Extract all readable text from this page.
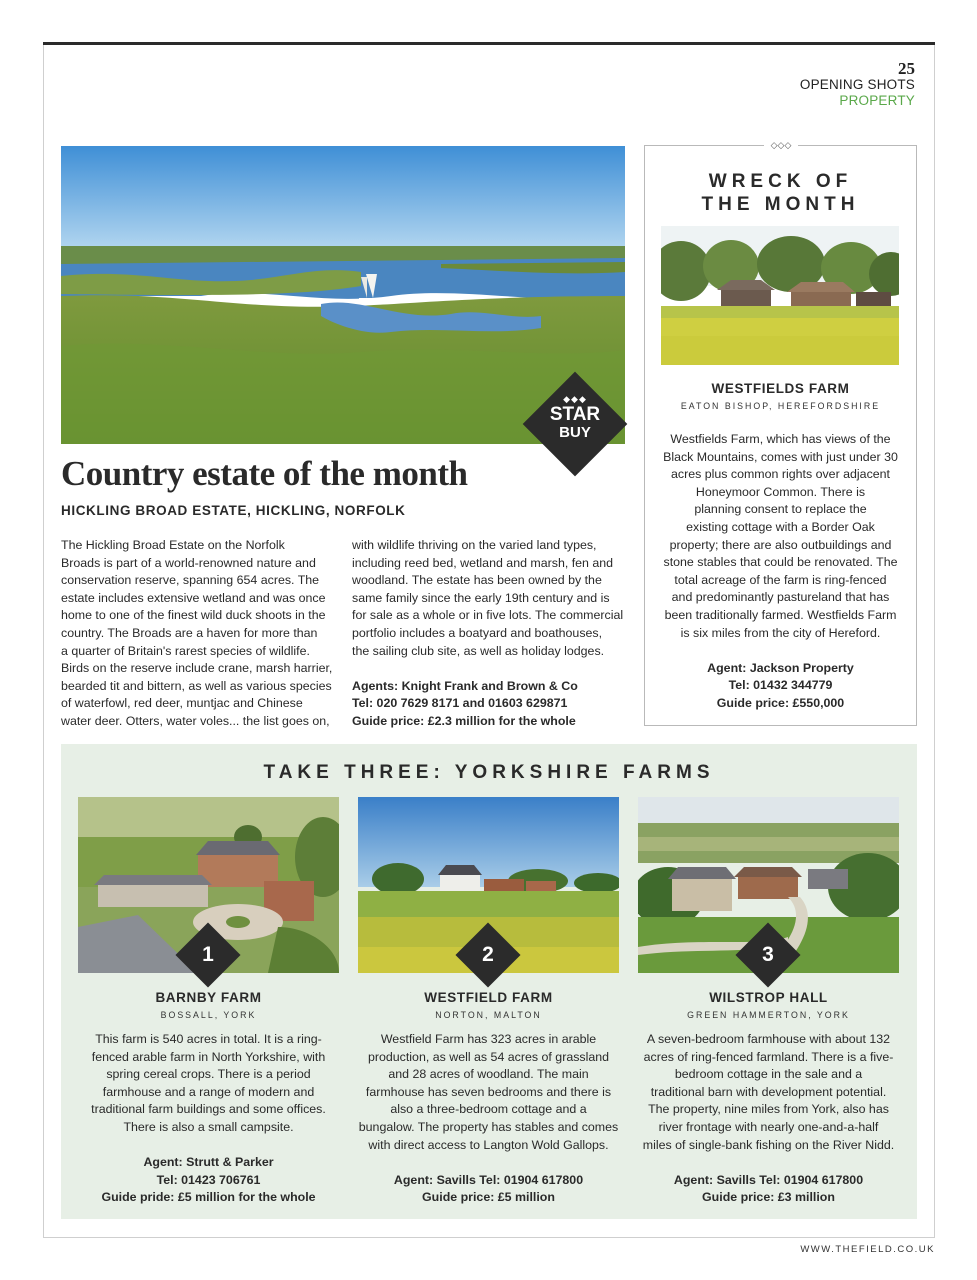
25
OPENING SHOTS
PROPERTY
◆◆◆
STAR
BUY
Country estate of the month
HICKLING BROAD ESTATE, HICKLING, NORFOLK
The Hickling Broad Estate on the Norfolk
Broads is part of a world-renowned nature and
conservation reserve, spanning 654 acres. The
estate includes extensive wetland and was once
home to one of the finest wild duck shoots in the
country. The Broads are a haven for more than
a quarter of Britain's rarest species of wildlife.
Birds on the reserve include crane, marsh harrier,
bearded tit and bittern, as well as various species
of waterfowl, red deer, muntjac and Chinese
water deer. Otters, water voles... the list goes on,
with wildlife thriving on the varied land types,
including reed bed, wetland and marsh, fen and
woodland. The estate has been owned by the
same family since the early 19th century and is
for sale as a whole or in five lots. The commercial
portfolio includes a boatyard and boathouses,
the sailing club site, as well as holiday lodges.
Agents: Knight Frank and Brown & Co
Tel: 020 7629 8171 and 01603 629871
Guide price: £2.3 million for the whole
◇◇◇
WRECK OF
THE MONTH
WESTFIELDS FARM
EATON BISHOP, HEREFORDSHIRE
Westfields Farm, which has views of the
Black Mountains, comes with just under 30
acres plus common rights over adjacent
Honeymoor Common. There is
planning consent to replace the
existing cottage with a Border Oak
property; there are also outbuildings and
stone stables that could be renovated. The
total acreage of the farm is ring-fenced
and predominantly pastureland that has
been traditionally farmed. Westfields Farm
is six miles from the city of Hereford.
Agent: Jackson Property
Tel: 01432 344779
Guide price: £550,000
TAKE THREE: YORKSHIRE FARMS
1
BARNBY FARM
BOSSALL, YORK
This farm is 540 acres in total. It is a ring-
fenced arable farm in North Yorkshire, with
spring cereal crops. There is a period
farmhouse and a range of modern and
traditional farm buildings and some offices.
There is also a small campsite.
Agent: Strutt & Parker
Tel: 01423 706761
Guide pride: £5 million for the whole
2
WESTFIELD FARM
NORTON, MALTON
Westfield Farm has 323 acres in arable
production, as well as 54 acres of grassland
and 28 acres of woodland. The main
farmhouse has seven bedrooms and there is
also a three-bedroom cottage and a
bungalow. The property has stables and comes
with direct access to Langton Wold Gallops.
Agent: Savills Tel: 01904 617800
Guide price: £5 million
3
WILSTROP HALL
GREEN HAMMERTON, YORK
A seven-bedroom farmhouse with about 132
acres of ring-fenced farmland. There is a five-
bedroom cottage in the sale and a
traditional barn with development potential.
The property, nine miles from York, also has
river frontage with nearly one-and-a-half
miles of single-bank fishing on the River Nidd.
Agent: Savills Tel: 01904 617800
Guide price: £3 million
WWW.THEFIELD.CO.UK
